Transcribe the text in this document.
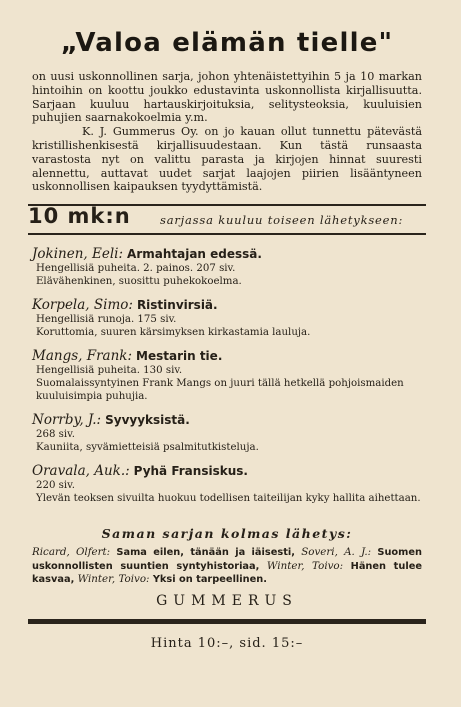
„Valoa elämän tielle"

on uusi uskonnollinen sarja, johon yhtenäistettyihin 5 ja 10 markan hintoihin on koottu joukko edustavinta uskonnollista kirjallisuutta. Sarjaan kuuluu hartauskirjoituksia, selitysteoksia, kuuluisien puhujien saarnakokoelmia y.m.

K. J. Gummerus Oy. on jo kauan ollut tunnettu pätevästä kristillishenkisestä kirjallisuudestaan. Kun tästä runsaasta varastosta nyt on valittu parasta ja kirjojen hinnat suuresti alennettu, auttavat uudet sarjat laajojen piirien lisääntyneen uskonnollisen kaipauksen tyydyttämistä.

10 mk:n	sarjassa kuuluu toiseen lähetykseen:
Jokinen, Eeli: Armahtajan edessä.
Hengellisiä puheita. 2. painos. 207 siv.
Elävähenkinen, suosittu puhekokoelma.
Korpela, Simo: Ristinvirsiä.
Hengellisiä runoja. 175 siv.
Koruttomia, suuren kärsimyksen kirkastamia lauluja.
Mangs, Frank: Mestarin tie.
Hengellisiä puheita. 130 siv.
Suomalaissyntyinen Frank Mangs on juuri tällä hetkellä pohjoismaiden kuuluisimpia puhujia.
Norrby, J.: Syvyyksistä.
268 siv.
Kauniita, syvämietteisiä psalmitutkisteluja.
Oravala, Auk.: Pyhä Fransiskus.
220 siv.
Ylevän teoksen sivuilta huokuu todellisen taiteilijan kyky hallita aihettaan.
Saman sarjan kolmas lähetys:
Ricard, Olfert: Sama eilen, tänään ja iäisesti, Soveri, A. J.: Suomen uskonnollisten suuntien syntyhistoriaa, Winter, Toivo: Hänen tulee kasvaa, Winter, Toivo: Yksi on tarpeellinen.
GUMMERUS
Hinta 10:–, sid. 15:–
